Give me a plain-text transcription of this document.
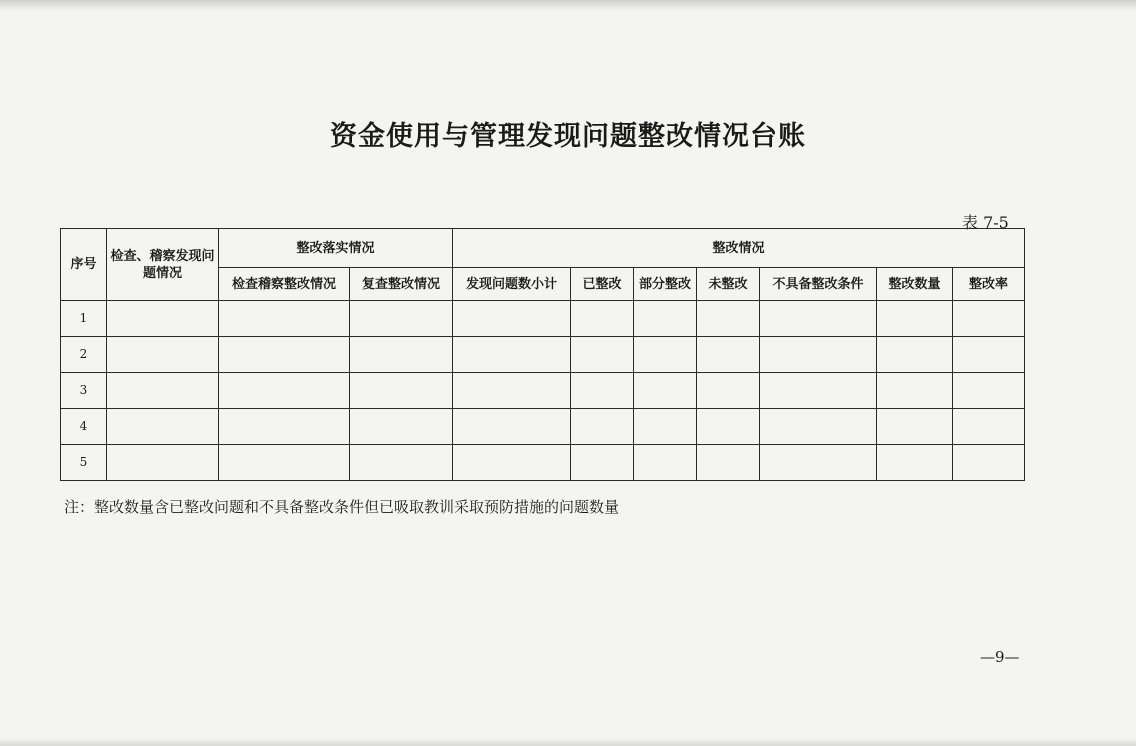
资金使用与管理发现问题整改情况台账
表 7-5
序号	检查、稽察发现问题情况	整改落实情况		整改情况						
		检查稽察整改情况	复查整改情况	发现问题数小计	已整改	部分整改	未整改	不具备整改条件	整改数量	整改率
1										
2										
3										
4										
5										
注：整改数量含已整改问题和不具备整改条件但已吸取教训采取预防措施的问题数量
—9—
